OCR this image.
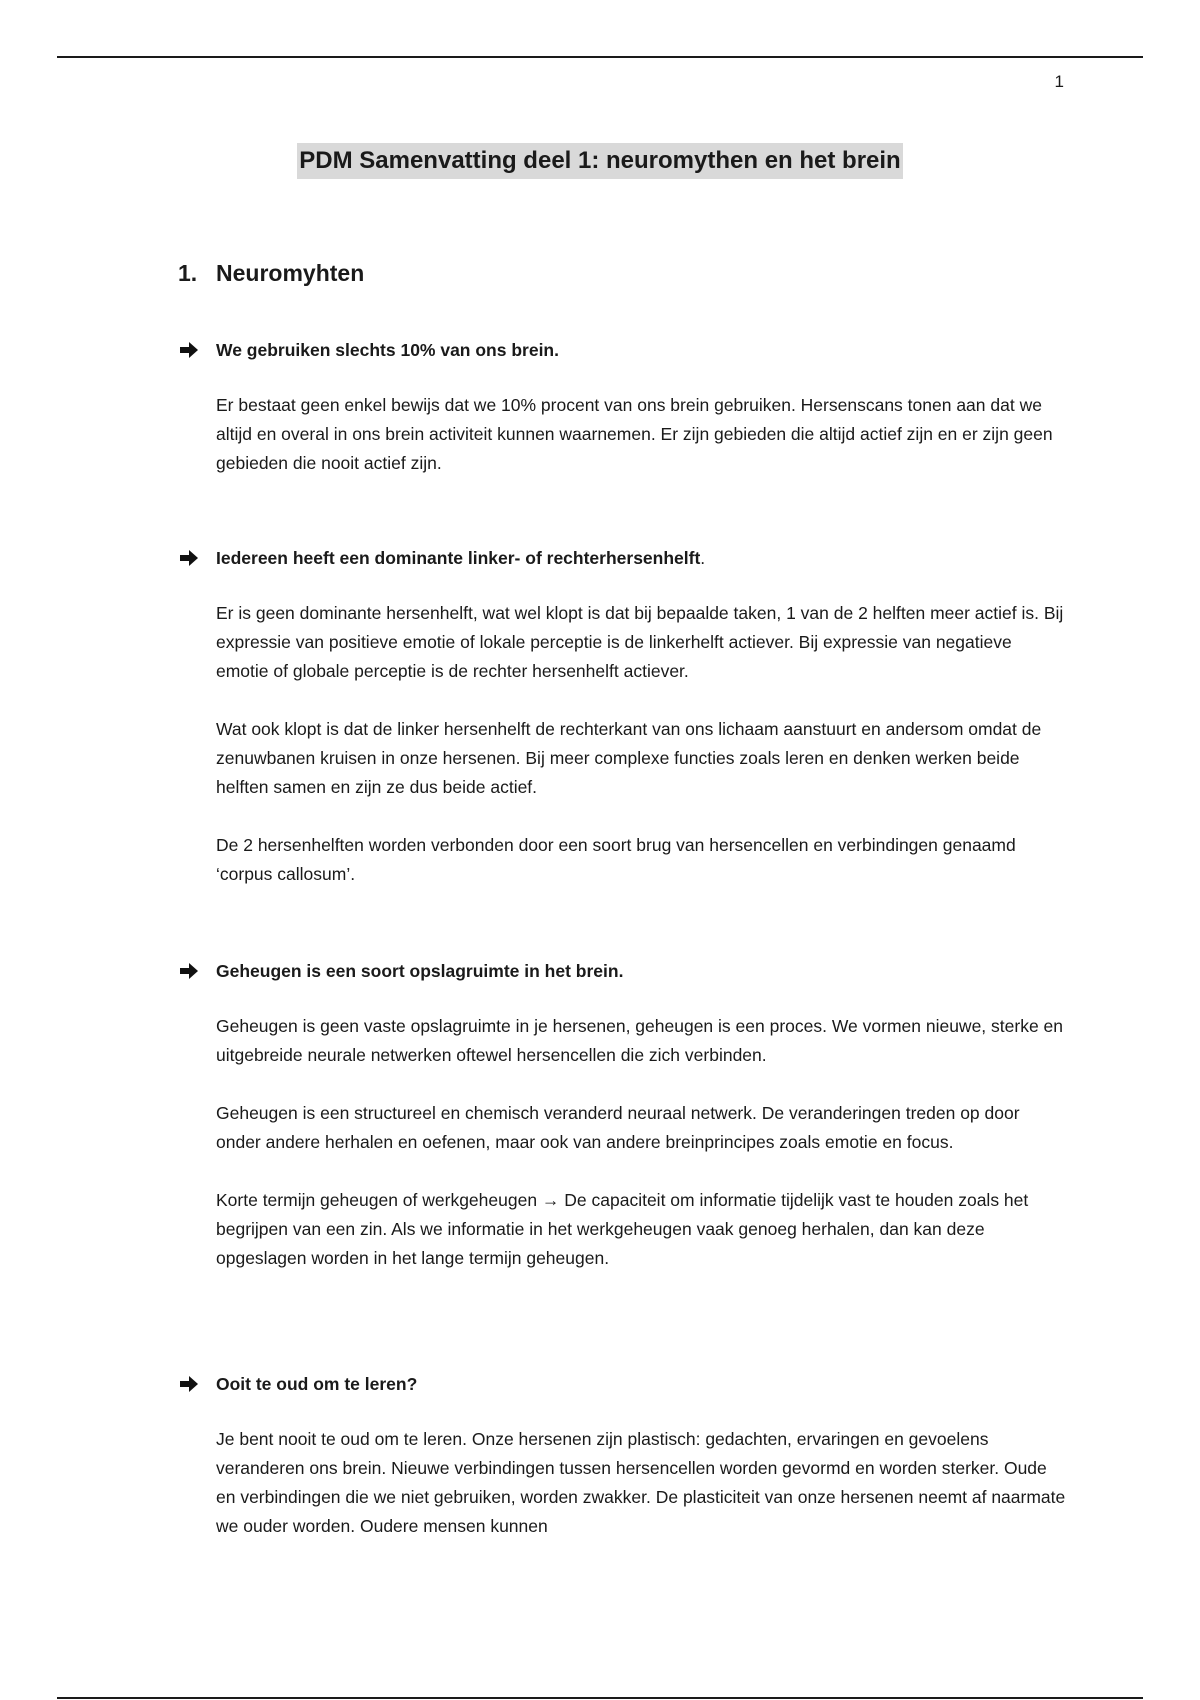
1
PDM Samenvatting deel 1: neuromythen en het brein
1. Neuromyhten
We gebruiken slechts 10% van ons brein.
Er bestaat geen enkel bewijs dat we 10% procent van ons brein gebruiken. Hersenscans tonen aan dat we altijd en overal in ons brein activiteit kunnen waarnemen. Er zijn gebieden die altijd actief zijn en er zijn geen gebieden die nooit actief zijn.
Iedereen heeft een dominante linker- of rechterhersenhelft.
Er is geen dominante hersenhelft, wat wel klopt is dat bij bepaalde taken, 1 van de 2 helften meer actief is. Bij expressie van positieve emotie of lokale perceptie is de linkerhelft actiever. Bij expressie van negatieve emotie of globale perceptie is de rechter hersenhelft actiever.
Wat ook klopt is dat de linker hersenhelft de rechterkant van ons lichaam aanstuurt en andersom omdat de zenuwbanen kruisen in onze hersenen. Bij meer complexe functies zoals leren en denken werken beide helften samen en zijn ze dus beide actief.
De 2 hersenhelften worden verbonden door een soort brug van hersencellen en verbindingen genaamd ‘corpus callosum’.
Geheugen is een soort opslagruimte in het brein.
Geheugen is geen vaste opslagruimte in je hersenen, geheugen is een proces. We vormen nieuwe, sterke en uitgebreide neurale netwerken oftewel hersencellen die zich verbinden.
Geheugen is een structureel en chemisch veranderd neuraal netwerk. De veranderingen treden op door onder andere herhalen en oefenen, maar ook van andere breinprincipes zoals emotie en focus.
Korte termijn geheugen of werkgeheugen → De capaciteit om informatie tijdelijk vast te houden zoals het begrijpen van een zin. Als we informatie in het werkgeheugen vaak genoeg herhalen, dan kan deze opgeslagen worden in het lange termijn geheugen.
Ooit te oud om te leren?
Je bent nooit te oud om te leren. Onze hersenen zijn plastisch: gedachten, ervaringen en gevoelens veranderen ons brein. Nieuwe verbindingen tussen hersencellen worden gevormd en worden sterker. Oude en verbindingen die we niet gebruiken, worden zwakker. De plasticiteit van onze hersenen neemt af naarmate we ouder worden. Oudere mensen kunnen
